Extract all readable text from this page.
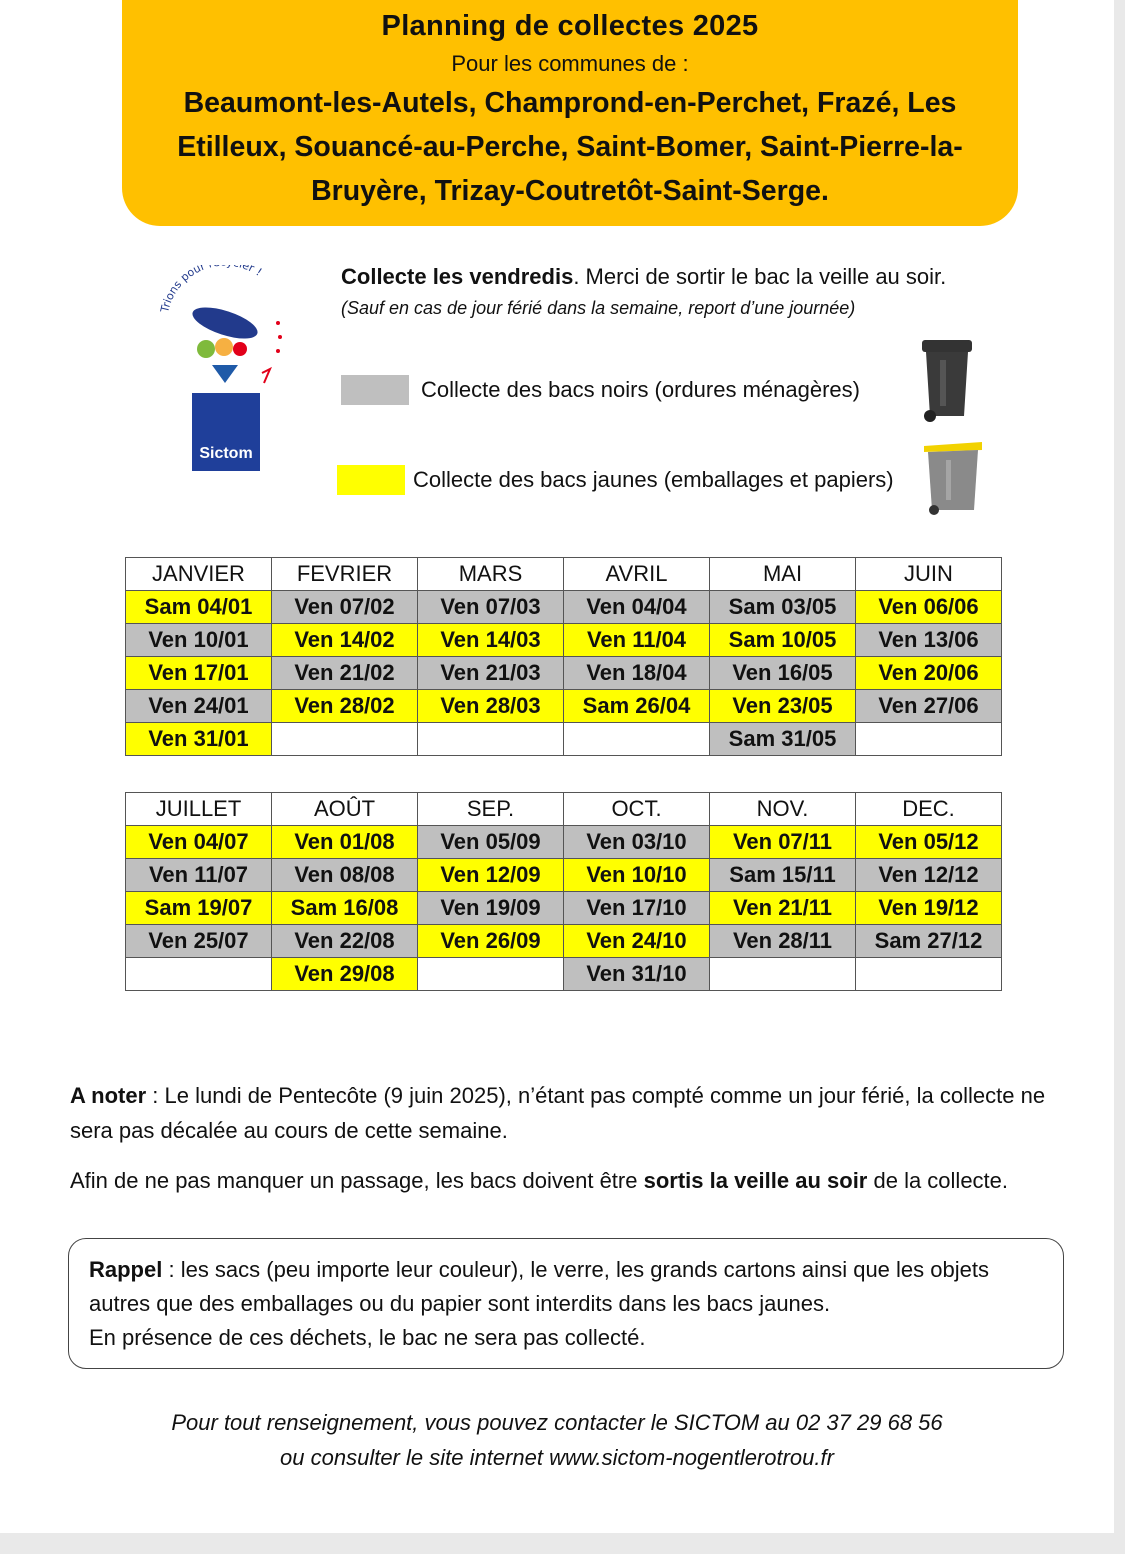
Planning de collectes 2025
Pour les communes de :
Beaumont-les-Autels, Champrond-en-Perchet, Frazé, Les Etilleux, Souancé-au-Perche, Saint-Bomer, Saint-Pierre-la-Bruyère, Trizay-Coutretôt-Saint-Serge.
rions pour er !
Sictom
Collecte les vendredis. Merci de sortir le bac la veille au soir.
(Sauf en cas de jour férié dans la semaine, report d’une journée)
Collecte des bacs noirs (ordures ménagères)
Collecte des bacs jaunes (emballages et papiers)
JANVIER	FEVRIER	MARS	AVRIL	MAI	JUIN
Sam 04/01	Ven 07/02	Ven 07/03	Ven 04/04	Sam 03/05	Ven 06/06
Ven 10/01	Ven 14/02	Ven 14/03	Ven 11/04	Sam 10/05	Ven 13/06
Ven 17/01	Ven 21/02	Ven 21/03	Ven 18/04	Ven 16/05	Ven 20/06
Ven 24/01	Ven 28/02	Ven 28/03	Sam 26/04	Ven 23/05	Ven 27/06
Ven 31/01				Sam 31/05	
JUILLET	AOÛT	SEP.	OCT.	NOV.	DEC.
Ven 04/07	Ven 01/08	Ven 05/09	Ven 03/10	Ven 07/11	Ven 05/12
Ven 11/07	Ven 08/08	Ven 12/09	Ven 10/10	Sam 15/11	Ven 12/12
Sam 19/07	Sam 16/08	Ven 19/09	Ven 17/10	Ven 21/11	Ven 19/12
Ven 25/07	Ven 22/08	Ven 26/09	Ven 24/10	Ven 28/11	Sam 27/12
	Ven 29/08		Ven 31/10		
A noter : Le lundi de Pentecôte (9 juin 2025), n’étant pas compté comme un jour férié, la collecte ne sera pas décalée au cours de cette semaine.
Afin de ne pas manquer un passage, les bacs doivent être sortis la veille au soir de la collecte.
Rappel : les sacs (peu importe leur couleur), le verre, les grands cartons ainsi que les objets autres que des emballages ou du papier sont interdits dans les bacs jaunes.
En présence de ces déchets, le bac ne sera pas collecté.
Pour tout renseignement, vous pouvez contacter le SICTOM au 02 37 29 68 56
ou consulter le site internet www.sictom-nogentlerotrou.fr
